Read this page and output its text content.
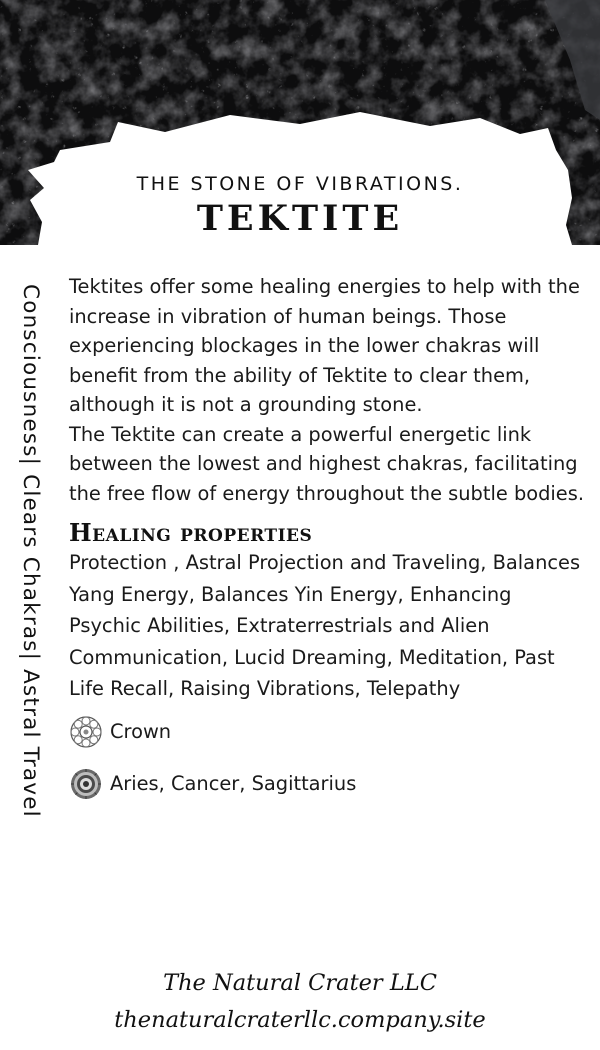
THE STONE OF VIBRATIONS.
TEKTITE
Consciousness| Clears Chakras| Astral Travel Tektites offer some healing energies to help with the increase in vibration of human beings. Those experiencing blockages in the lower chakras will benefit from the ability of Tektite to clear them, although it is not a grounding stone.

The Tektite can create a powerful energetic link between the lowest and highest chakras, facilitating the free flow of energy throughout the subtle bodies.

Healing properties

Protection , Astral Projection and Traveling, Balances Yang Energy, Balances Yin Energy, Enhancing Psychic Abilities, Extraterrestrials and Alien Communication, Lucid Dreaming, Meditation, Past Life Recall, Raising Vibrations, Telepathy

Crown
Aries, Cancer, Sagittarius
The Natural Crater LLC
thenaturalcraterllc.company.site
